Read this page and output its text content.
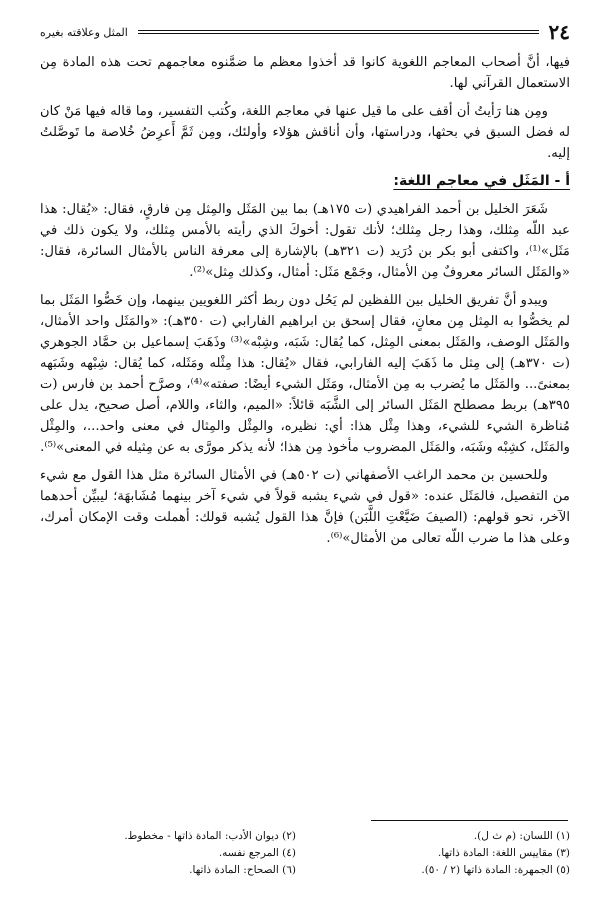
٢٤
المثل وعلاقته بغيره

فيها، أنَّ أصحاب المعاجم اللغوية كانوا قد أخذوا معظم ما ضمَّنوه معاجمهم تحت هذه المادة مِن الاستعمال القرآني لها.

ومِن هنا رَأيتُ أن أقف على ما قيل عنها في معاجم اللغة، وكُتب التفسير، وما قاله فيها مَنْ كان له فضل السبق في بحثها، ودراستها، وأن أناقش هؤلاء وأولئك، ومِن ثَمَّ أَعرِضُ خُلاصة ما تَوصَّلتُ إليه.

أ - المَثَل في معاجم اللغة:

شَعَرَ الخليل بن أحمد الفراهيدي (ت ١٧٥هـ) بما بين المَثَل والمِثل مِن فارقٍ، فقال: «يُقال: هذا عبد اللّه مِثلك، وهذا رجل مِثلك؛ لأنك تقول: أخوكَ الذي رأيته بالأمس مِثلك، ولا يكون ذلك في مَثَل»⁽¹⁾، واكتفى أبو بكر بن دُرَيد (ت ٣٢١هـ) بالإشارة إلى معرفة الناس بالأمثال السائرة، فقال: «والمَثَل السائر معروفٌ مِن الأمثال، وجَمْع مَثَل: أمثال، وكذلك مِثل»⁽²⁾.

ويبدو أنَّ تفريق الخليل بين اللفظين لم يَحُل دون ربط أكثر اللغويين بينهما، وإن خَصُّوا المَثَل بما لم يخصُّوا به المِثل مِن معانٍ، فقال إسحق بن ابراهيم الفارابي (ت ٣٥٠هـ): «والمَثَل واحد الأمثال، والمَثَل الوصف، والمَثَل بمعنى المِثل، كما يُقال: شَبَه، وشِبْه»⁽³⁾ وذَهَبَ إسماعيل بن حمَّاد الجوهري (ت ٣٧٠هـ) إلى مِثل ما ذَهَبَ إليه الفارابي، فقال «يُقال: هذا مِثْله ومَثَله، كما يُقال: شِبْهه وشَبَهه بمعنىً... والمَثَل ما يُضرب به مِن الأمثال، ومَثَل الشيء أيضًا: صفته»⁽⁴⁾، وصرَّح أحمد بن فارس (ت ٣٩٥هـ) بربط مصطلح المَثَل السائر إلى الشَّبَه قائلاً: «الميم، والثاء، واللام، أصل صحيح، يدل على مُناظرة الشيء للشيء، وهذا مِثْل هذا: أي: نظيره، والمِثْل والمِثال في معنى واحد...، والمِثْل والمَثَل، كشِبْه وشَبَه، والمَثَل المضروب مأخوذ مِن هذا؛ لأنه يذكر مورَّى به عن مِثيله في المعنى»⁽⁵⁾.

وللحسين بن محمد الراغب الأصفهاني (ت ٥٠٢هـ) في الأمثال السائرة مثل هذا القول مع شيء من التفصيل، فالمَثَل عنده: «قول في شيء يشبه قولاً في شيء آخر بينهما مُشَابهَة؛ ليبيِّن أحدهما الآخر، نحو قولهم: (الصيفَ ضَيَّعْتِ اللَّبَن) فإنَّ هذا القول يُشبه قولك: أهملت وقت الإمكان أمرك، وعلى هذا ما ضرب اللّه تعالى من الأمثال»⁽⁶⁾.

(١) اللسان: (م ث ل).
(٢) ديوان الأدب: المادة ذاتها - مخطوط.
(٣) مقاييس اللغة: المادة ذاتها.
(٤) المرجع نفسه.
(٥) الجمهرة: المادة ذاتها (٢ / ٥٠).
(٦) الصحاح: المادة ذاتها.
